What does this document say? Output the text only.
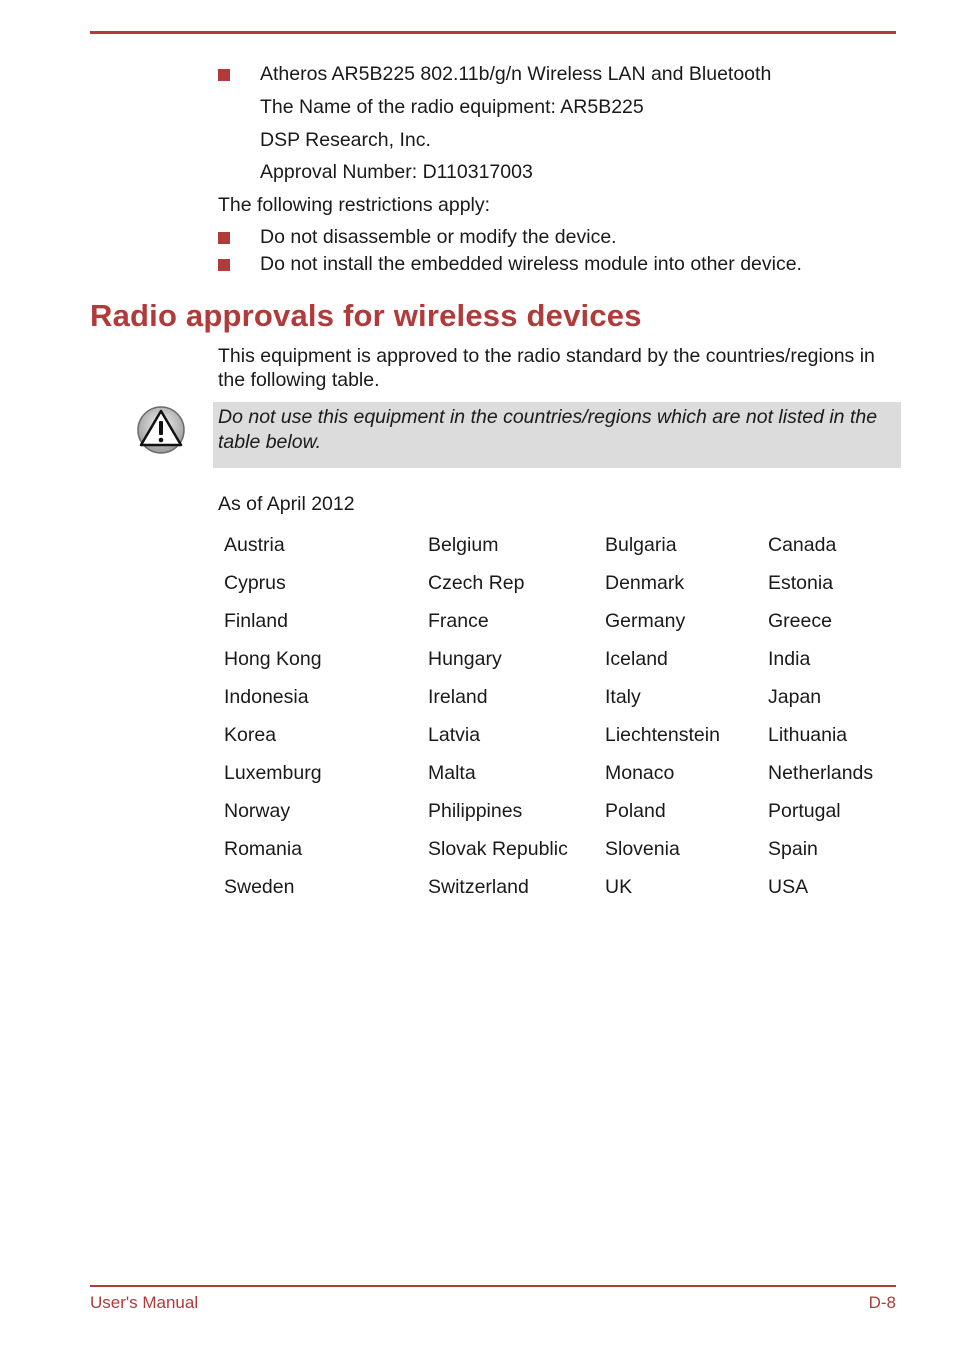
Atheros AR5B225 802.11b/g/n Wireless LAN and Bluetooth
The Name of the radio equipment: AR5B225
DSP Research, Inc.
Approval Number: D110317003

The following restrictions apply:

Do not disassemble or modify the device.
Do not install the embedded wireless module into other device.
Radio approvals for wireless devices

This equipment is approved to the radio standard by the countries/regions in the following table.

Do not use this equipment in the countries/regions which are not listed in the table below.

As of April 2012

Austria	Belgium	Bulgaria	Canada
Cyprus	Czech Rep	Denmark	Estonia
Finland	France	Germany	Greece
Hong Kong	Hungary	Iceland	India
Indonesia	Ireland	Italy	Japan
Korea	Latvia	Liechtenstein	Lithuania
Luxemburg	Malta	Monaco	Netherlands
Norway	Philippines	Poland	Portugal
Romania	Slovak Republic	Slovenia	Spain
Sweden	Switzerland	UK	USA
User's Manual	D-8
